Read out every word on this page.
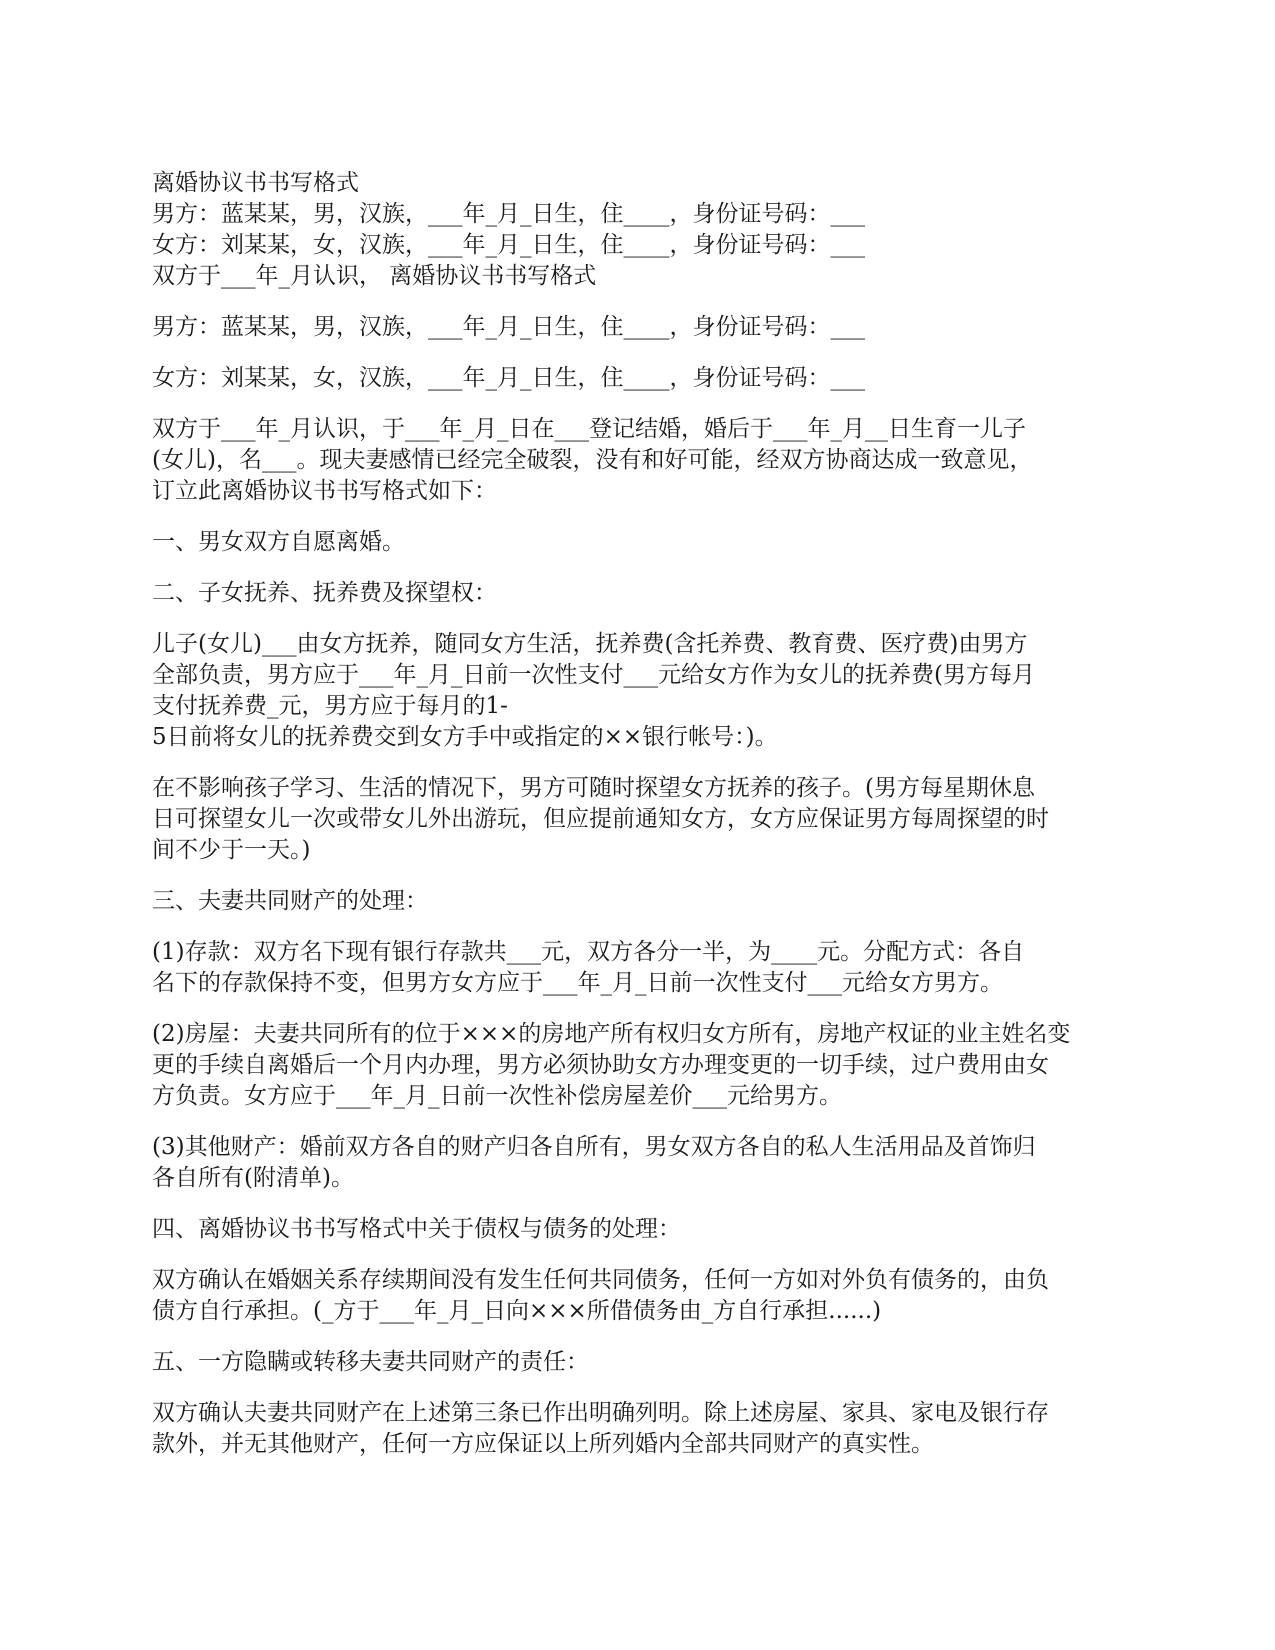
离婚协议书书写格式

男方：蓝某某，男，汉族，___年_月_日生，住____，身份证号码：___

女方：刘某某，女，汉族，___年_月_日生，住____，身份证号码：___

双方于___年_月认识， 离婚协议书书写格式

男方：蓝某某，男，汉族，___年_月_日生，住____，身份证号码：___
女方：刘某某，女，汉族，___年_月_日生，住____，身份证号码：___
双方于___年_月认识，于___年_月_日在___登记结婚，婚后于___年_月__日生育一儿子
(女儿)，名___。现夫妻感情已经完全破裂，没有和好可能，经双方协商达成一致意见，
订立此离婚协议书书写格式如下：
一、男女双方自愿离婚。
二、子女抚养、抚养费及探望权：
儿子(女儿)___由女方抚养，随同女方生活，抚养费(含托养费、教育费、医疗费)由男方
全部负责，男方应于___年_月_日前一次性支付___元给女方作为女儿的抚养费(男方每月
支付抚养费_元，男方应于每月的1-
5日前将女儿的抚养费交到女方手中或指定的××银行帐号：)。
在不影响孩子学习、生活的情况下，男方可随时探望女方抚养的孩子。(男方每星期休息
日可探望女儿一次或带女儿外出游玩，但应提前通知女方，女方应保证男方每周探望的时
间不少于一天。)
三、夫妻共同财产的处理：
(1)存款：双方名下现有银行存款共___元，双方各分一半，为____元。分配方式：各自
名下的存款保持不变，但男方女方应于___年_月_日前一次性支付___元给女方男方。
(2)房屋：夫妻共同所有的位于×××的房地产所有权归女方所有，房地产权证的业主姓名变
更的手续自离婚后一个月内办理，男方必须协助女方办理变更的一切手续，过户费用由女
方负责。女方应于___年_月_日前一次性补偿房屋差价___元给男方。
(3)其他财产：婚前双方各自的财产归各自所有，男女双方各自的私人生活用品及首饰归
各自所有(附清单)。
四、离婚协议书书写格式中关于债权与债务的处理：
双方确认在婚姻关系存续期间没有发生任何共同债务，任何一方如对外负有债务的，由负
债方自行承担。(_方于___年_月_日向×××所借债务由_方自行承担......)
五、一方隐瞒或转移夫妻共同财产的责任：
双方确认夫妻共同财产在上述第三条已作出明确列明。除上述房屋、家具、家电及银行存
款外，并无其他财产，任何一方应保证以上所列婚内全部共同财产的真实性。
